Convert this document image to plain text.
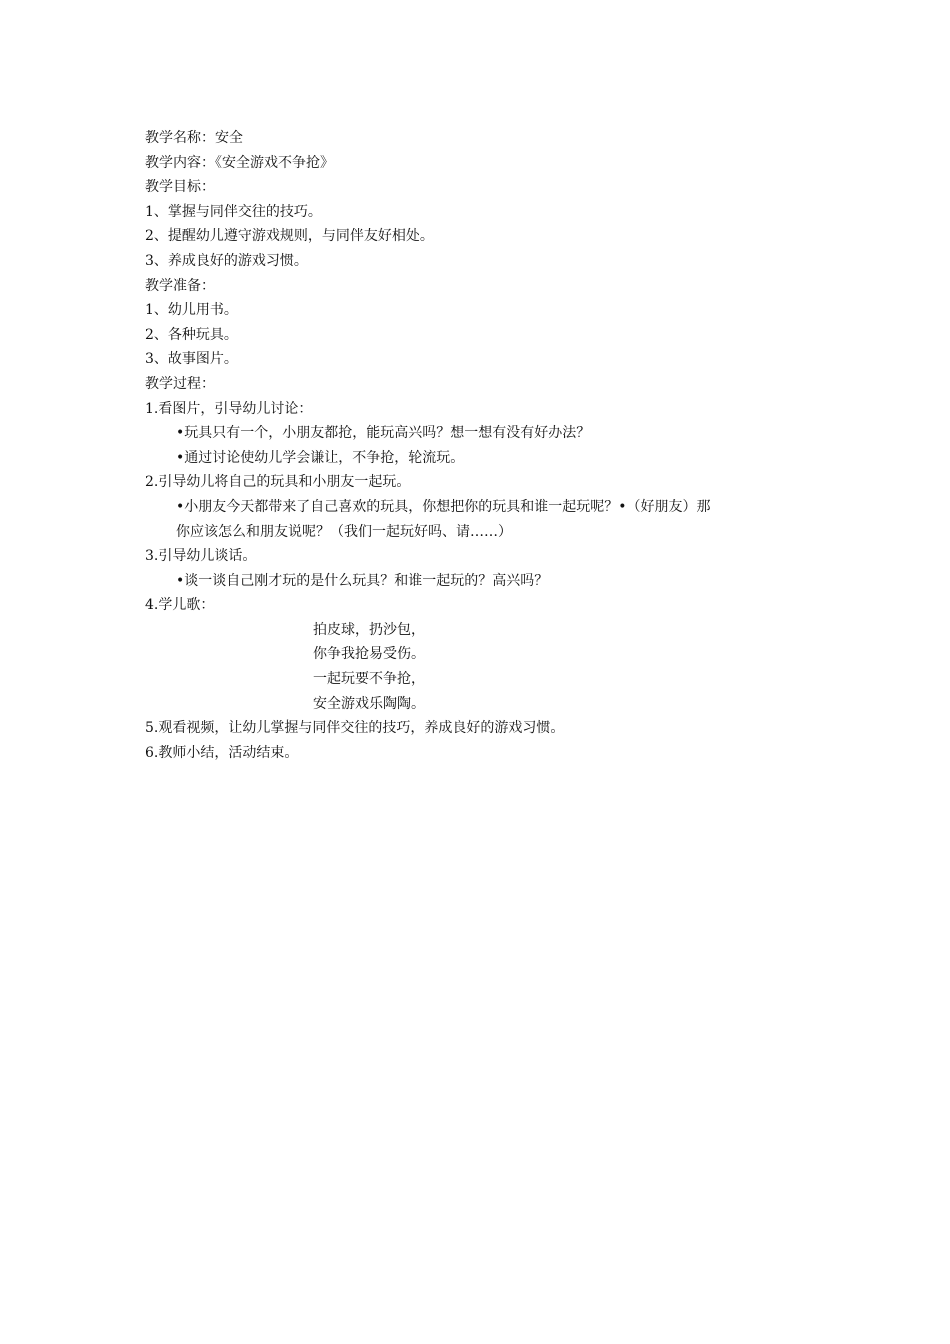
教学名称：安全
教学内容：《安全游戏不争抢》
教学目标：
1、掌握与同伴交往的技巧。
2、提醒幼儿遵守游戏规则，与同伴友好相处。
3、养成良好的游戏习惯。
教学准备：
1、幼儿用书。
2、各种玩具。
3、故事图片。
教学过程：
1.看图片，引导幼儿讨论：
•玩具只有一个，小朋友都抢，能玩高兴吗？想一想有没有好办法？
•通过讨论使幼儿学会谦让，不争抢，轮流玩。
2.引导幼儿将自己的玩具和小朋友一起玩。
•小朋友今天都带来了自己喜欢的玩具，你想把你的玩具和谁一起玩呢？•（好朋友）那
你应该怎么和朋友说呢？（我们一起玩好吗、请……）
3.引导幼儿谈话。
•谈一谈自己刚才玩的是什么玩具？和谁一起玩的？高兴吗？
4.学儿歌：
拍皮球，扔沙包，
你争我抢易受伤。
一起玩要不争抢，
安全游戏乐陶陶。
5.观看视频，让幼儿掌握与同伴交往的技巧，养成良好的游戏习惯。
6.教师小结，活动结束。
